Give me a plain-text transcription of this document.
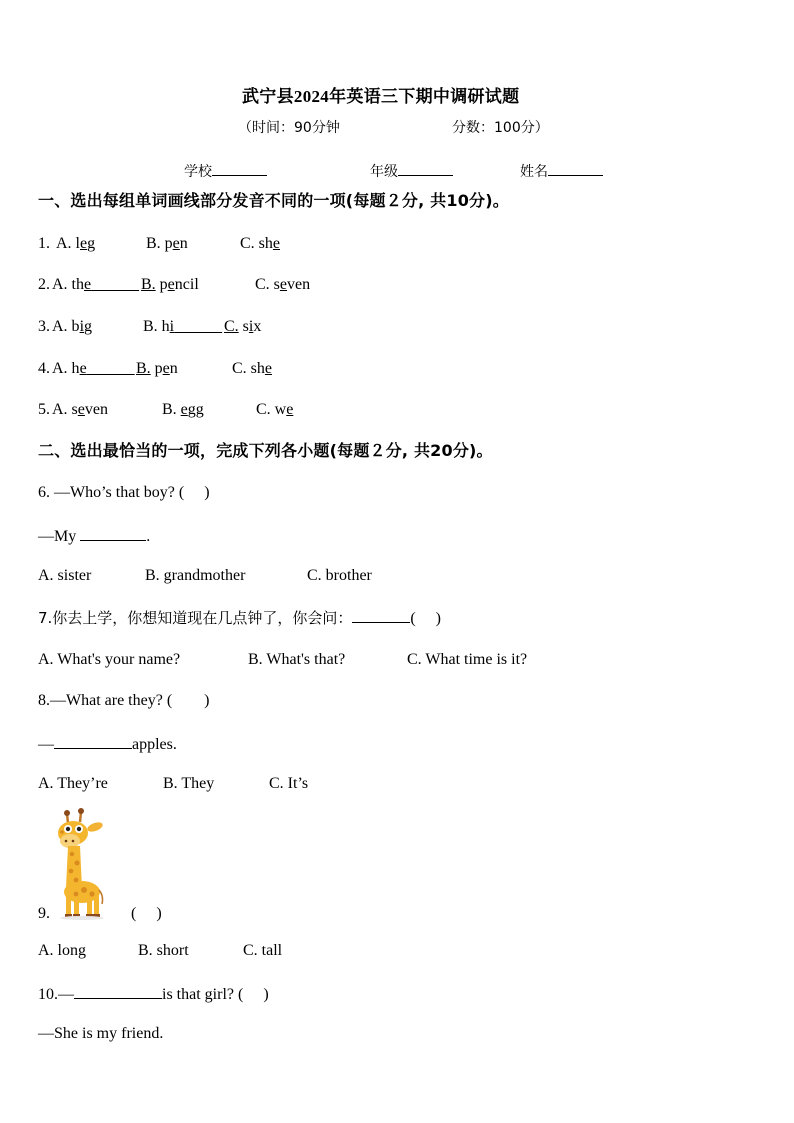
武宁县2024年英语三下期中调研试题
（时间：90分钟	分数：100分）
学校	年级	姓名
一、选出每组单词画线部分发音不同的一项(每题２分, 共10分)。
1. A. leg	B. pen	C. she
2. A. the　　　	B. pencil	C. seven
3. A. big	B. hi　　　	C. six
4. A. he　　　	B. pen	C. she
5. A. seven	B. egg	C. we
二、选出最恰当的一项，完成下列各小题(每题２分, 共20分)。
6. —Who’s that boy? (　 )
—My	.
A. sister	B. grandmother	C. brother
7.你去上学，你想知道现在几点钟了，你会问：	(　 )
A. What's your name?	B. What's that?	C. What time is it?
8.—What are they? (　　)
—	apples.
A. They’re	B. They	C. It’s
9.	(　 )
A. long	B. short	C. tall
10.—	is that girl? (　 )
—She is my friend.
